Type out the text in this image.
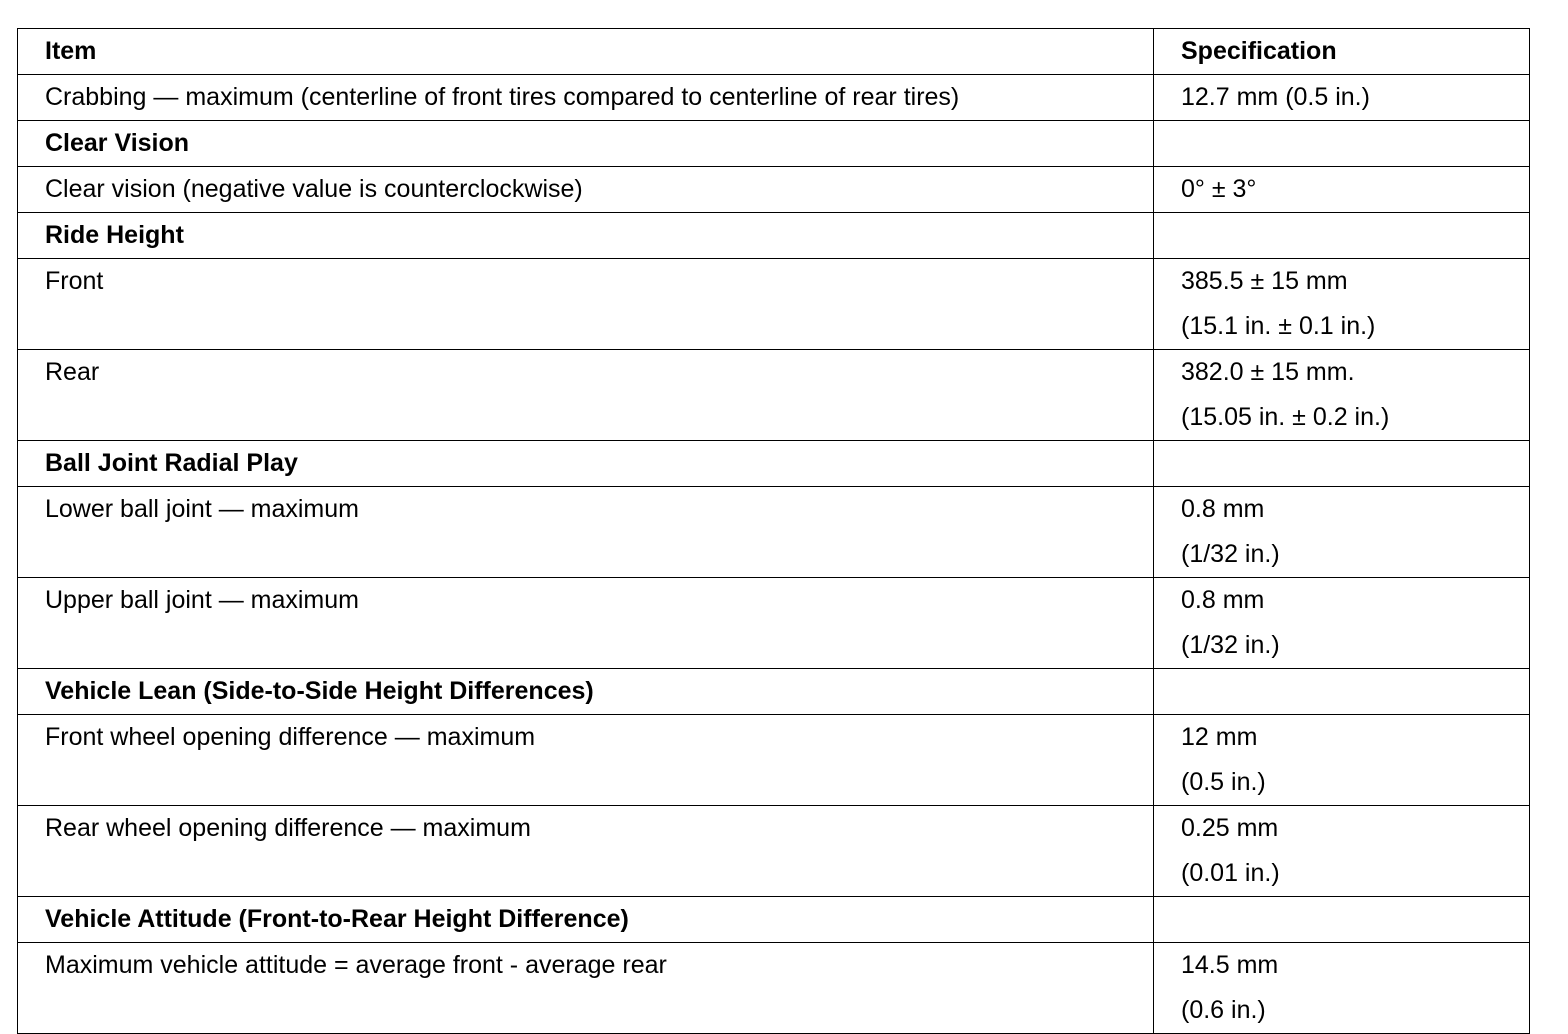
Item	Specification
Crabbing — maximum (centerline of front tires compared to centerline of rear tires)	12.7 mm (0.5 in.)

Clear Vision	
Clear vision (negative value is counterclockwise)	0° ± 3°

Ride Height	
Front	385.5 ± 15 mm
(15.1 in. ± 0.1 in.)

Rear	382.0 ± 15 mm.
(15.05 in. ± 0.2 in.)

Ball Joint Radial Play	
Lower ball joint — maximum	0.8 mm
(1/32 in.)

Upper ball joint — maximum	0.8 mm
(1/32 in.)

Vehicle Lean (Side-to-Side Height Differences)	
Front wheel opening difference — maximum	12 mm
(0.5 in.)

Rear wheel opening difference — maximum	0.25 mm
(0.01 in.)

Vehicle Attitude (Front-to-Rear Height Difference)	
Maximum vehicle attitude = average front - average rear	14.5 mm
(0.6 in.)
